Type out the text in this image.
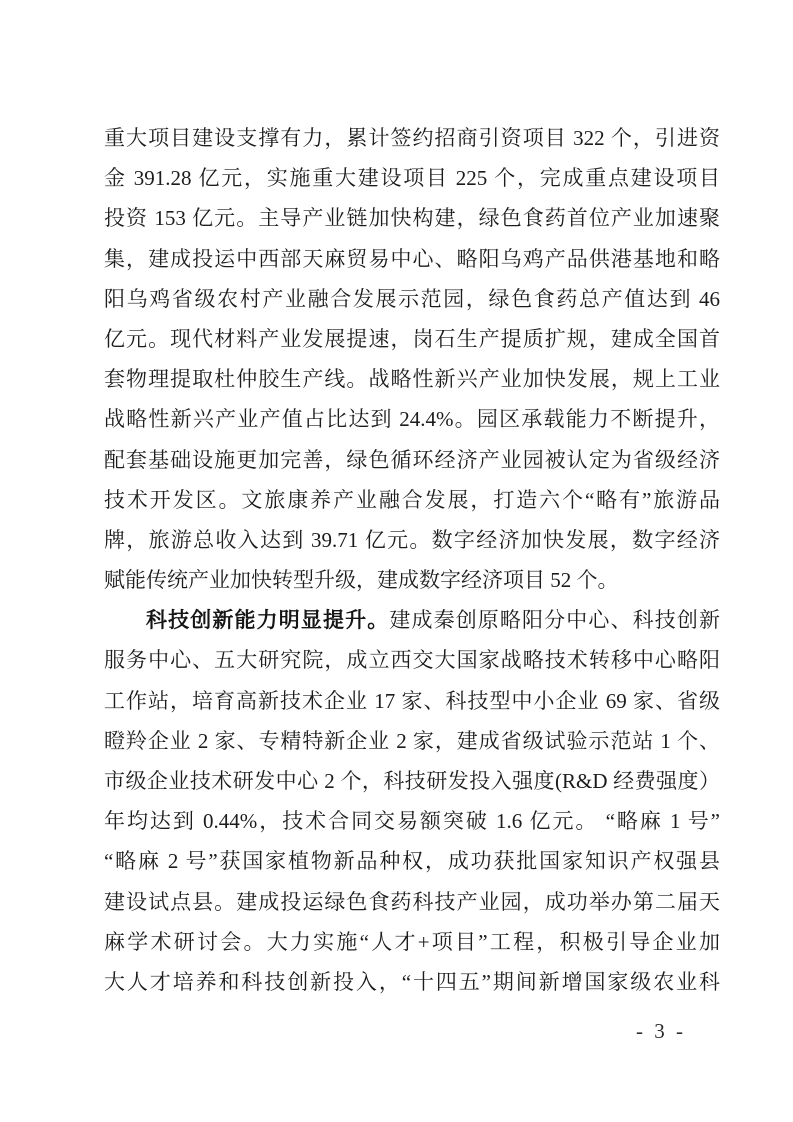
重大项目建设支撑有力，累计签约招商引资项目 322 个，引进资
金 391.28 亿元，实施重大建设项目 225 个，完成重点建设项目
投资 153 亿元。主导产业链加快构建，绿色食药首位产业加速聚
集，建成投运中西部天麻贸易中心、略阳乌鸡产品供港基地和略
阳乌鸡省级农村产业融合发展示范园，绿色食药总产值达到 46
亿元。现代材料产业发展提速，岗石生产提质扩规，建成全国首
套物理提取杜仲胶生产线。战略性新兴产业加快发展，规上工业
战略性新兴产业产值占比达到 24.4%。园区承载能力不断提升，
配套基础设施更加完善，绿色循环经济产业园被认定为省级经济
技术开发区。文旅康养产业融合发展，打造六个“略有”旅游品
牌，旅游总收入达到 39.71 亿元。数字经济加快发展，数字经济
赋能传统产业加快转型升级，建成数字经济项目 52 个。
科技创新能力明显提升。建成秦创原略阳分中心、科技创新
服务中心、五大研究院，成立西交大国家战略技术转移中心略阳
工作站，培育高新技术企业 17 家、科技型中小企业 69 家、省级
瞪羚企业 2 家、专精特新企业 2 家，建成省级试验示范站 1 个、
市级企业技术研发中心 2 个，科技研发投入强度(R&D 经费强度）
年均达到 0.44%，技术合同交易额突破 1.6 亿元。 “略麻 1 号”
“略麻 2 号”获国家植物新品种权，成功获批国家知识产权强县
建设试点县。建成投运绿色食药科技产业园，成功举办第二届天
麻学术研讨会。大力实施“人才+项目”工程，积极引导企业加
大人才培养和科技创新投入，“十四五”期间新增国家级农业科
- 3 -
